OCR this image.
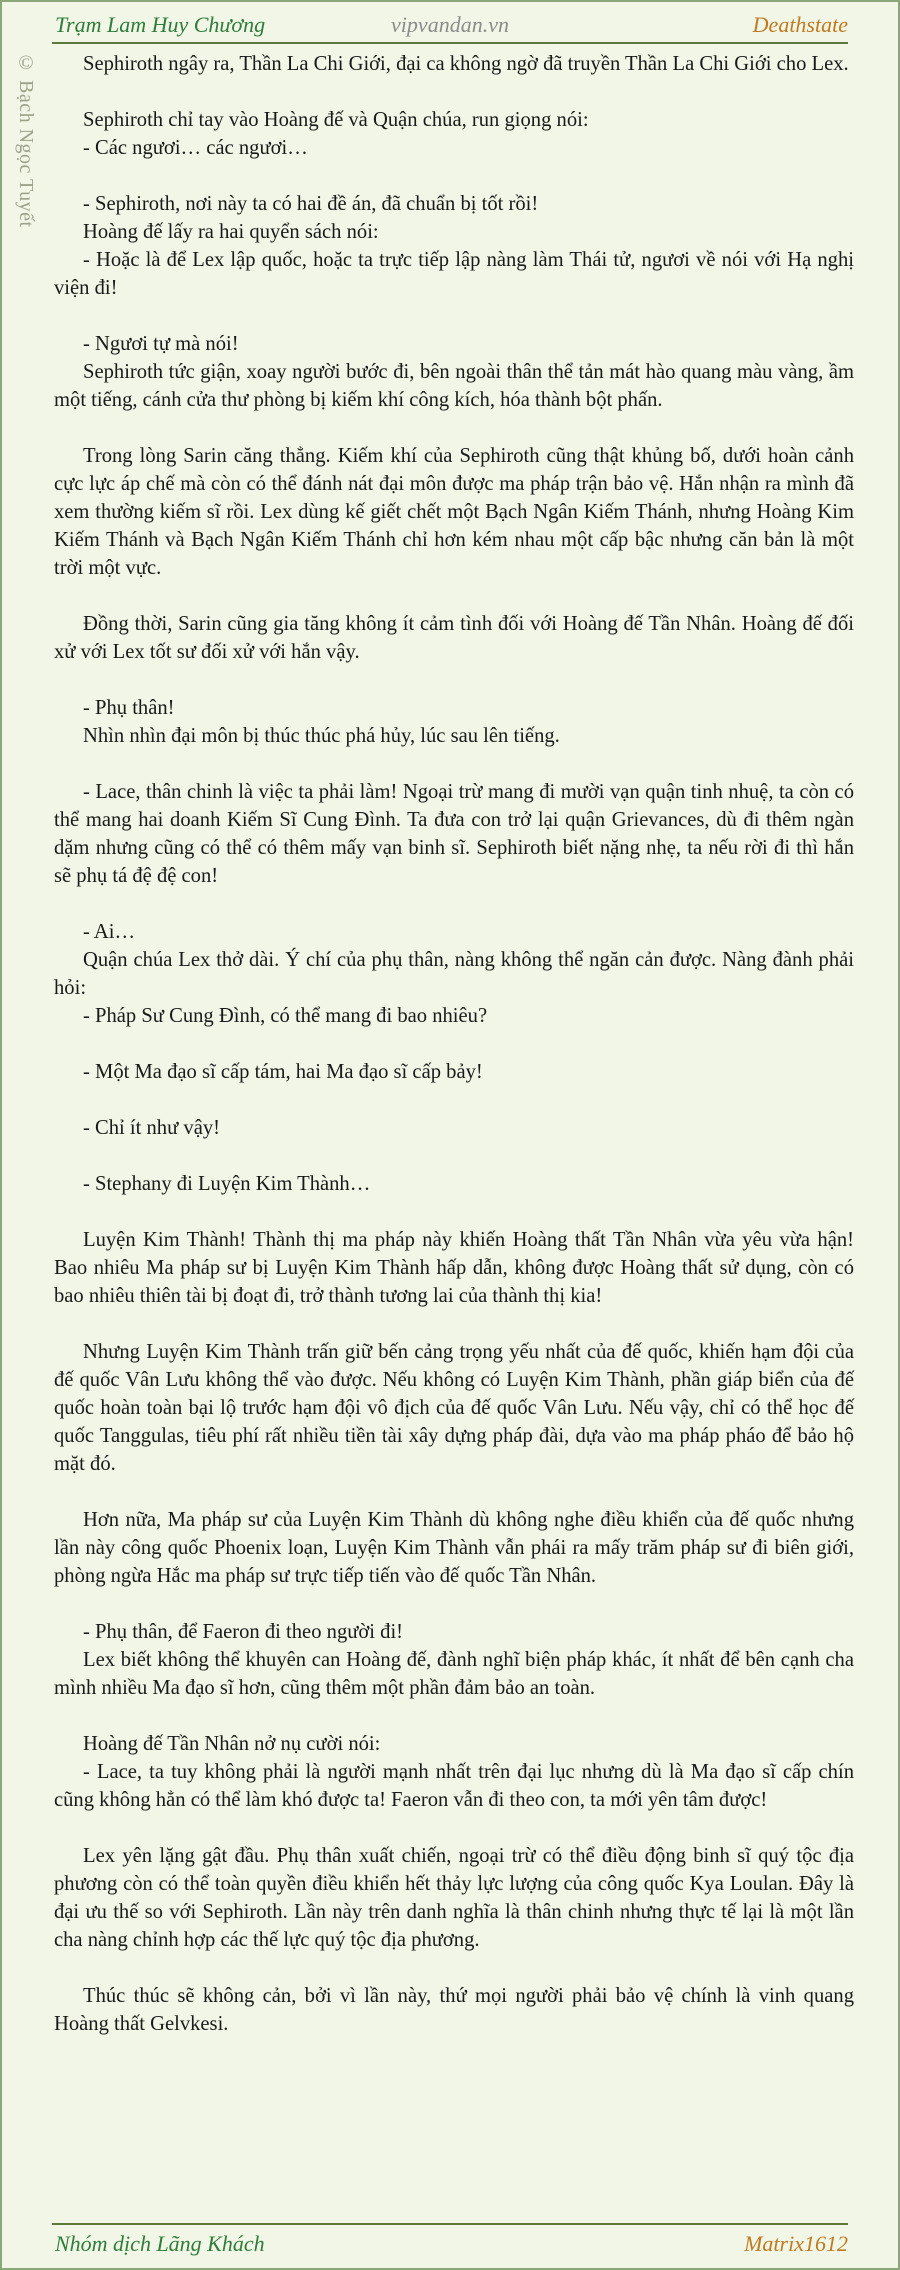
Trạm Lam Huy Chương	vipvandan.vn	Deathstate
© Bạch Ngọc Tuyết	Sephiroth ngây ra, Thần La Chi Giới, đại ca không ngờ đã truyền Thần La Chi Giới cho Lex.

Sephiroth chỉ tay vào Hoàng đế và Quận chúa, run giọng nói:

- Các ngươi… các ngươi…

- Sephiroth, nơi này ta có hai đề án, đã chuẩn bị tốt rồi!

Hoàng đế lấy ra hai quyển sách nói:

- Hoặc là để Lex lập quốc, hoặc ta trực tiếp lập nàng làm Thái tử, ngươi về nói với Hạ nghị viện đi!

- Ngươi tự mà nói!

Sephiroth tức giận, xoay người bước đi, bên ngoài thân thể tản mát hào quang màu vàng, ầm một tiếng, cánh cửa thư phòng bị kiếm khí công kích, hóa thành bột phấn.

Trong lòng Sarin căng thẳng. Kiếm khí của Sephiroth cũng thật khủng bố, dưới hoàn cảnh cực lực áp chế mà còn có thể đánh nát đại môn được ma pháp trận bảo vệ. Hắn nhận ra mình đã xem thường kiếm sĩ rồi. Lex dùng kế giết chết một Bạch Ngân Kiếm Thánh, nhưng Hoàng Kim Kiếm Thánh và Bạch Ngân Kiếm Thánh chỉ hơn kém nhau một cấp bậc nhưng căn bản là một trời một vực.

Đồng thời, Sarin cũng gia tăng không ít cảm tình đối với Hoàng đế Tần Nhân. Hoàng đế đối xử với Lex tốt sư đối xử với hắn vậy.

- Phụ thân!

Nhìn nhìn đại môn bị thúc thúc phá hủy, lúc sau lên tiếng.

- Lace, thân chinh là việc ta phải làm! Ngoại trừ mang đi mười vạn quận tinh nhuệ, ta còn có thể mang hai doanh Kiếm Sĩ Cung Đình. Ta đưa con trở lại quận Grievances, dù đi thêm ngàn dặm nhưng cũng có thể có thêm mấy vạn binh sĩ. Sephiroth biết nặng nhẹ, ta nếu rời đi thì hắn sẽ phụ tá đệ đệ con!

- Ai…

Quận chúa Lex thở dài. Ý chí của phụ thân, nàng không thể ngăn cản được. Nàng đành phải hỏi:

- Pháp Sư Cung Đình, có thể mang đi bao nhiêu?

- Một Ma đạo sĩ cấp tám, hai Ma đạo sĩ cấp bảy!

- Chỉ ít như vậy!

- Stephany đi Luyện Kim Thành…

Luyện Kim Thành! Thành thị ma pháp này khiến Hoàng thất Tần Nhân vừa yêu vừa hận! Bao nhiêu Ma pháp sư bị Luyện Kim Thành hấp dẫn, không được Hoàng thất sử dụng, còn có bao nhiêu thiên tài bị đoạt đi, trở thành tương lai của thành thị kia!

Nhưng Luyện Kim Thành trấn giữ bến cảng trọng yếu nhất của đế quốc, khiến hạm đội của đế quốc Vân Lưu không thể vào được. Nếu không có Luyện Kim Thành, phần giáp biển của đế quốc hoàn toàn bại lộ trước hạm đội vô địch của đế quốc Vân Lưu. Nếu vậy, chỉ có thể học đế quốc Tanggulas, tiêu phí rất nhiều tiền tài xây dựng pháp đài, dựa vào ma pháp pháo để bảo hộ mặt đó.

Hơn nữa, Ma pháp sư của Luyện Kim Thành dù không nghe điều khiển của đế quốc nhưng lần này công quốc Phoenix loạn, Luyện Kim Thành vẫn phái ra mấy trăm pháp sư đi biên giới, phòng ngừa Hắc ma pháp sư trực tiếp tiến vào đế quốc Tần Nhân.

- Phụ thân, để Faeron đi theo người đi!

Lex biết không thể khuyên can Hoàng đế, đành nghĩ biện pháp khác, ít nhất để bên cạnh cha mình nhiều Ma đạo sĩ hơn, cũng thêm một phần đảm bảo an toàn.

Hoàng đế Tần Nhân nở nụ cười nói:

- Lace, ta tuy không phải là người mạnh nhất trên đại lục nhưng dù là Ma đạo sĩ cấp chín cũng không hẳn có thể làm khó được ta! Faeron vẫn đi theo con, ta mới yên tâm được!

Lex yên lặng gật đầu. Phụ thân xuất chiến, ngoại trừ có thể điều động binh sĩ quý tộc địa phương còn có thể toàn quyền điều khiển hết thảy lực lượng của công quốc Kya Loulan. Đây là đại ưu thế so với Sephiroth. Lần này trên danh nghĩa là thân chinh nhưng thực tế lại là một lần cha nàng chỉnh hợp các thế lực quý tộc địa phương.

Thúc thúc sẽ không cản, bởi vì lần này, thứ mọi người phải bảo vệ chính là vinh quang Hoàng thất Gelvkesi.

Nhóm dịch Lãng Khách	Matrix1612
